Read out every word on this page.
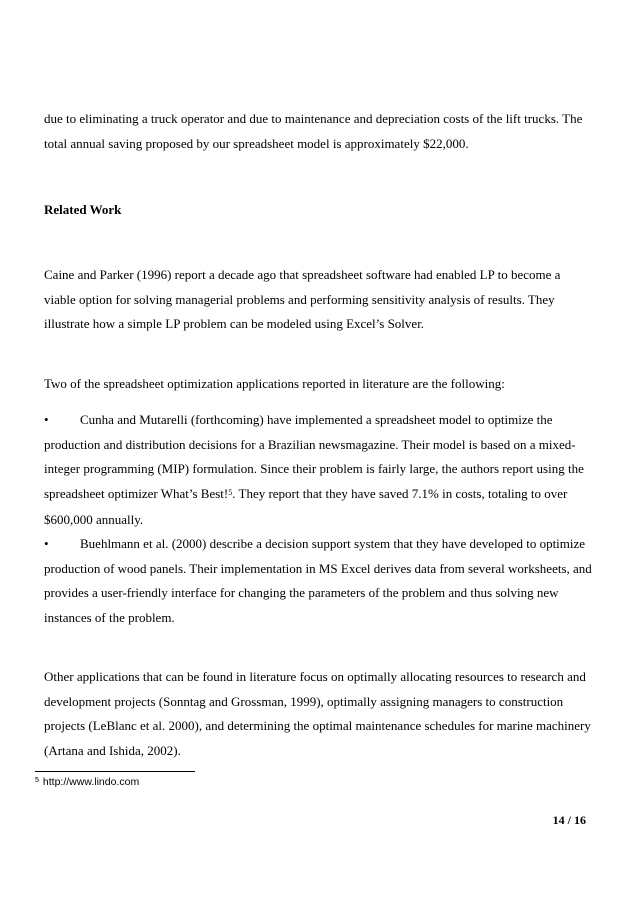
due to eliminating a truck operator and due to maintenance and depreciation costs of the lift trucks. The total annual saving proposed by our spreadsheet model is approximately $22,000.

Related Work

Caine and Parker (1996) report a decade ago that spreadsheet software had enabled LP to become a viable option for solving managerial problems and performing sensitivity analysis of results. They illustrate how a simple LP problem can be modeled using Excel’s Solver.

Two of the spreadsheet optimization applications reported in literature are the following:

• Cunha and Mutarelli (forthcoming) have implemented a spreadsheet model to optimize the production and distribution decisions for a Brazilian newsmagazine. Their model is based on a mixed-integer programming (MIP) formulation. Since their problem is fairly large, the authors report using the spreadsheet optimizer What’s Best!$^5$. They report that they have saved 7.1% in costs, totaling to over $600,000 annually.

• Buehlmann et al. (2000) describe a decision support system that they have developed to optimize production of wood panels. Their implementation in MS Excel derives data from several worksheets, and provides a user-friendly interface for changing the parameters of the problem and thus solving new instances of the problem.

Other applications that can be found in literature focus on optimally allocating resources to research and development projects (Sonntag and Grossman, 1999), optimally assigning managers to construction projects (LeBlanc et al. 2000), and determining the optimal maintenance schedules for marine machinery (Artana and Ishida, 2002).

$^5$ http://www.lindo.com

14 / 16
